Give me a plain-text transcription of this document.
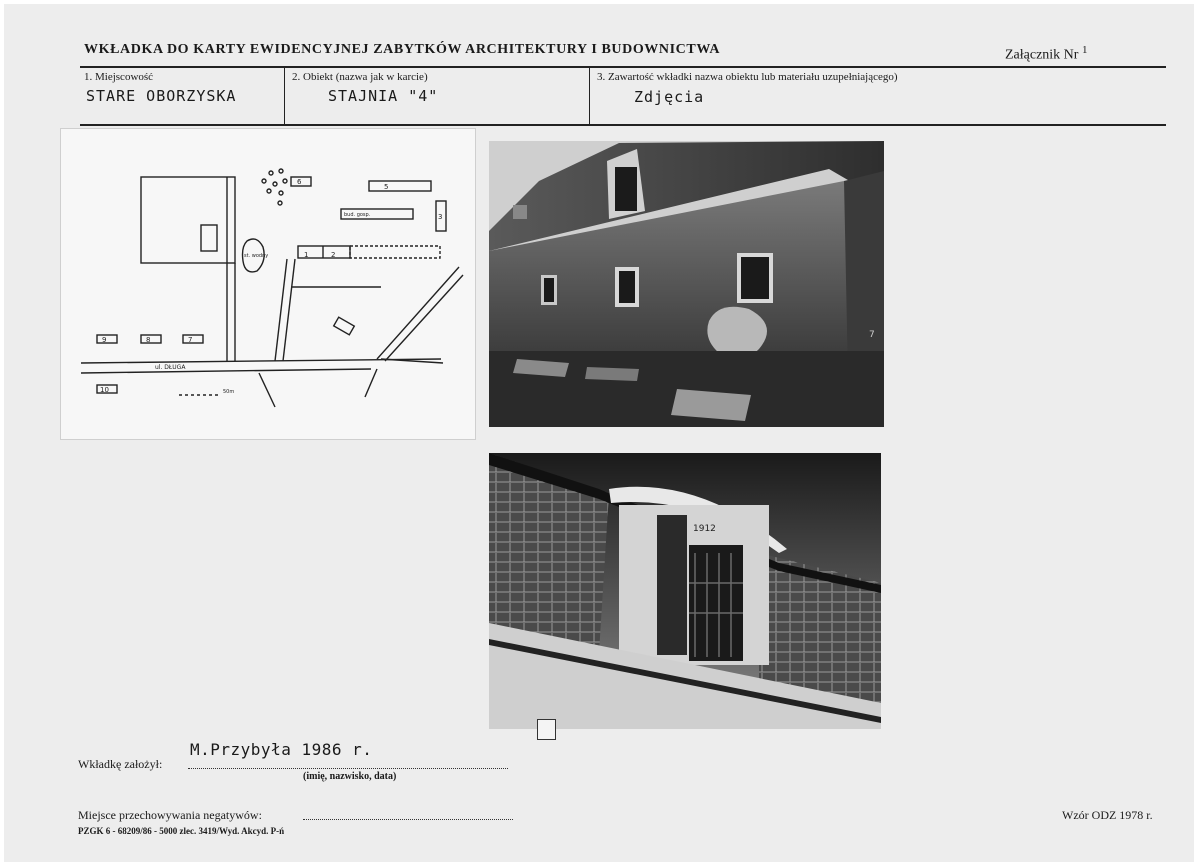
WKŁADKA DO KARTY EWIDENCYJNEJ ZABYTKÓW ARCHITEKTURY I BUDOWNICTWA	Załącznik Nr $^1$
1. Miejscowość
STARE OBORZYSKA
2. Obiekt (nazwa jak w karcie)
STAJNIA "4"
3. Zawartość wkładki nazwa obiektu lub materiału uzupełniającego)
Zdjęcia
1	2
3
5
6
7
8
9
10
ul. DŁUGA
bud. gosp.
st. wodny
50m
7
1912
M.Przybyła 1986 r.
Wkładkę założył:
(imię, nazwisko, data)
Miejsce przechowywania negatywów:
PZGK 6 - 68209/86 - 5000 zlec. 3419/Wyd. Akcyd. P-ń
Wzór ODZ 1978 r.
